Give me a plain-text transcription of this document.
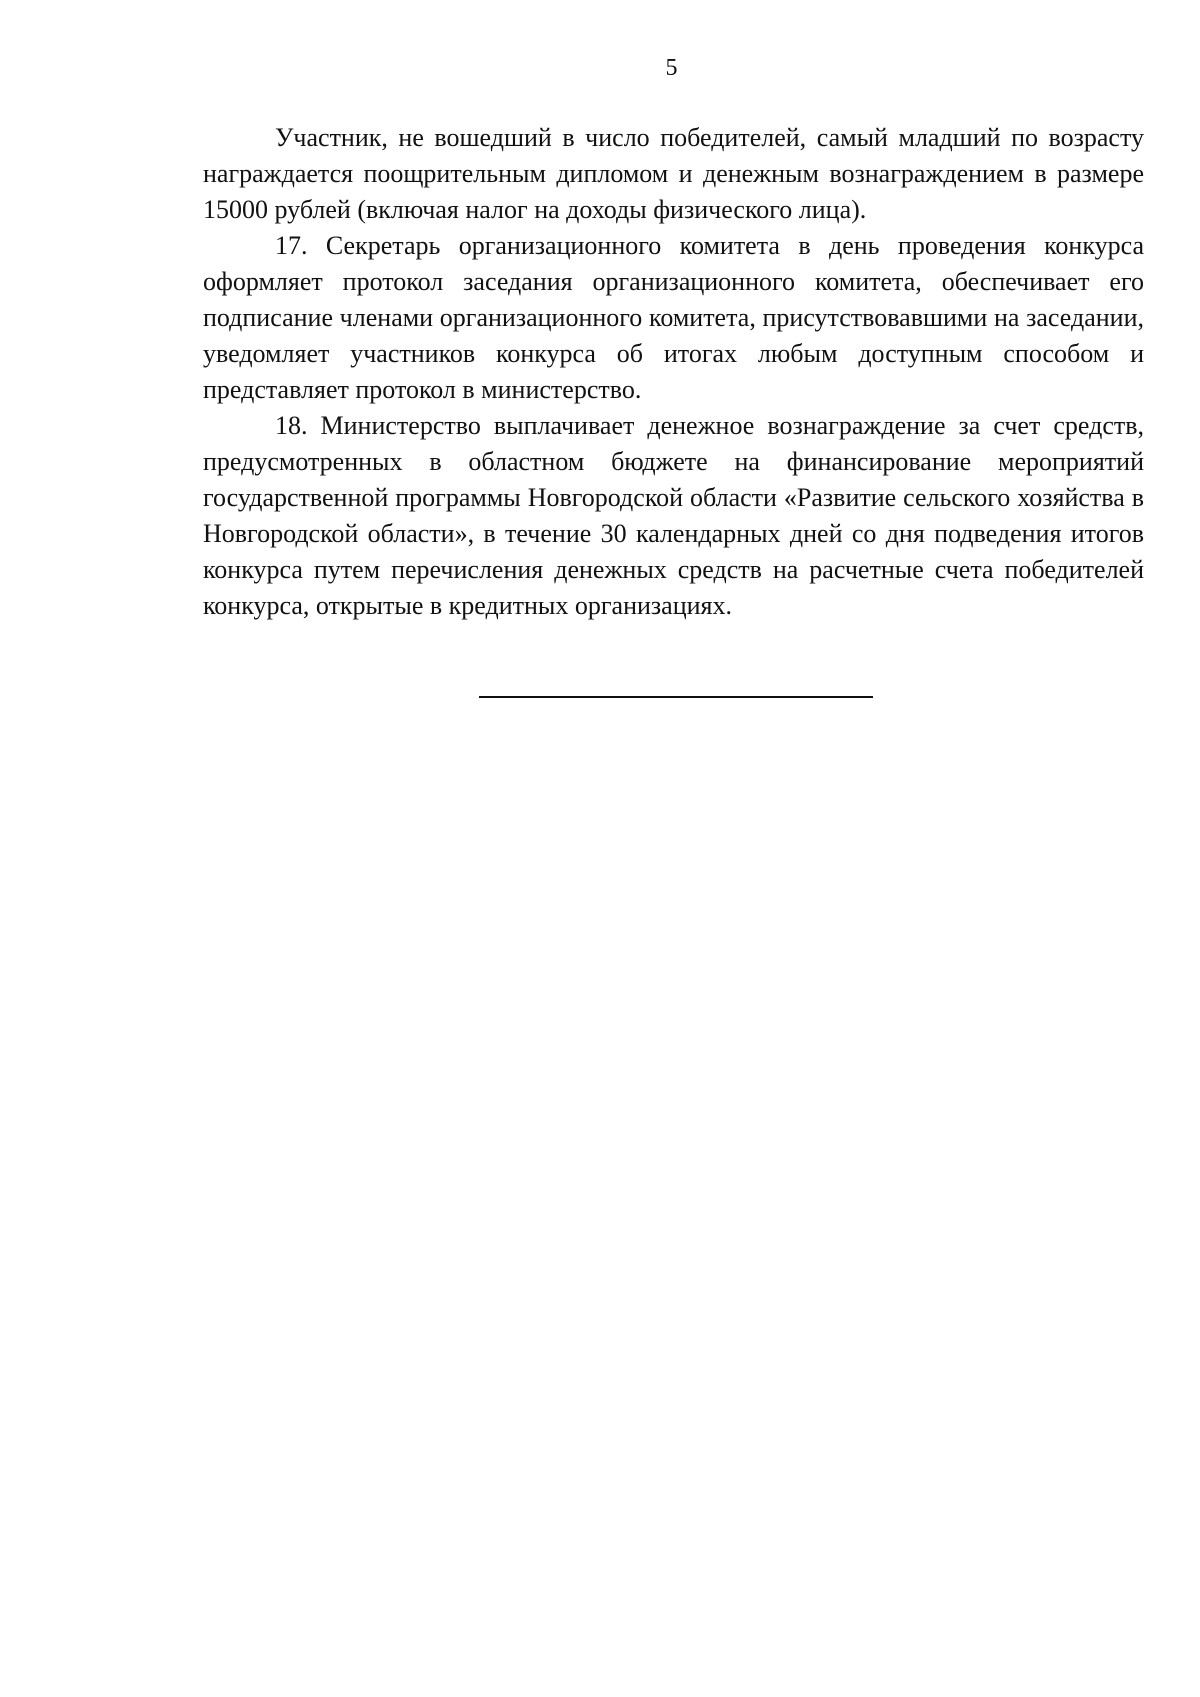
5

Участник, не вошедший в число победителей, самый младший по возрасту награждается поощрительным дипломом и денежным вознаграждением в размере 15000 рублей (включая налог на доходы физического лица).

17. Секретарь организационного комитета в день проведения конкурса оформляет протокол заседания организационного комитета, обеспечивает его подписание членами организационного комитета, присутствовавшими на заседании, уведомляет участников конкурса об итогах любым доступным способом и представляет протокол в министерство.

18. Министерство выплачивает денежное вознаграждение за счет средств, предусмотренных в областном бюджете на финансирование мероприятий государственной программы Новгородской области «Развитие сельского хозяйства в Новгородской области», в течение 30 календарных дней со дня подведения итогов конкурса путем перечисления денежных средств на расчетные счета победителей конкурса, открытые в кредитных организациях.
